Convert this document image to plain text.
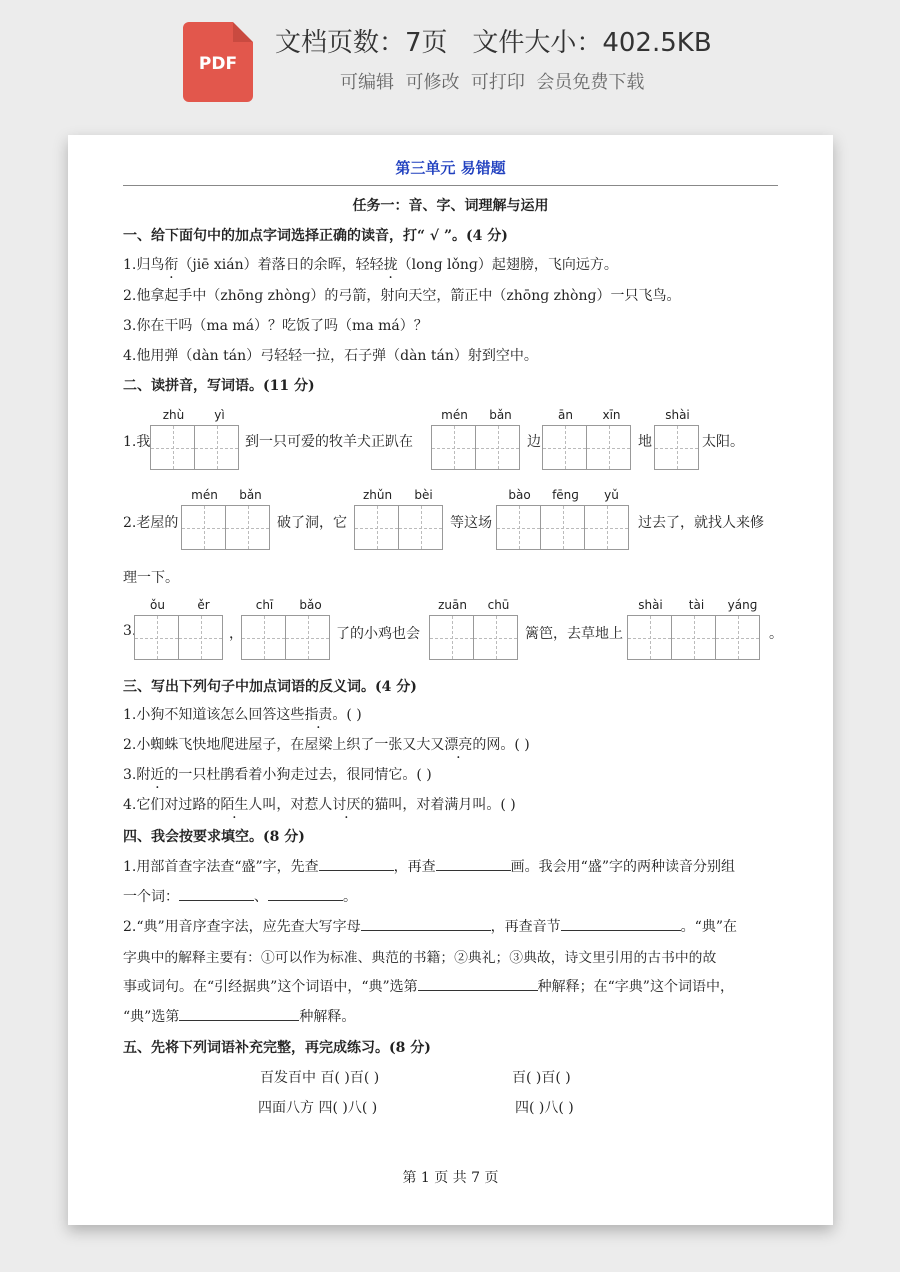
PDF
文档页数：7页   文件大小：402.5KB
可编辑  可修改  可打印  会员免费下载
第三单元 易错题
任务一：音、字、词理解与运用
一、给下面句中的加点字词选择正确的读音，打“ √ ”。(4 分)
1.归鸟衔（jiē xián）着落日的余晖，轻轻拢（lonɡ lǒnɡ）起翅膀，飞向远方。
2.他拿起手中（zhōnɡ zhònɡ）的弓箭，射向天空，箭正中（zhōnɡ zhònɡ）一只飞鸟。
3.你在干吗（ma má）？吃饭了吗（ma má）？
4.他用弹（dàn tán）弓轻轻一拉，石子弹（dàn tán）射到空中。
二、读拼音，写词语。(11 分)
1.我
zhù	yì
到一只可爱的牧羊犬正趴在
mén	bǎn
边
ān	xīn
地
shài
太阳。
2.老屋的
mén	bǎn
破了洞，它
zhǔn	bèi
等这场
bào	fēnɡ	yǔ
过去了，就找人来修
理一下。
3.
ǒu	ěr
，
chī	bǎo
了的小鸡也会
zuān	chū
篱笆，去草地上
shài	tài	yánɡ
。
三、写出下列句子中加点词语的反义词。(4 分)
1.小狗不知道该怎么回答这些指责。( )
2.小蜘蛛飞快地爬进屋子，在屋梁上织了一张又大又漂亮的网。( )
3.附近的一只杜鹃看着小狗走过去，很同情它。( )
4.它们对过路的陌生人叫，对惹人讨厌的猫叫，对着满月叫。( )
四、我会按要求填空。(8 分)
1.用部首查字法查“盛”字，先查	，再查	画。我会用“盛”字的两种读音分别组
一个词：	、	。
2.“典”用音序查字法，应先查大写字母	，再查音节	。“典”在
字典中的解释主要有：①可以作为标准、典范的书籍；②典礼；③典故，诗文里引用的古书中的故
事或词句。在“引经据典”这个词语中，“典”选第	种解释；在“字典”这个词语中，
“典”选第	种解释。
五、先将下列词语补充完整，再完成练习。(8 分)
百发百中 百( )百( )	百( )百( )
四面八方 四( )八( )	四( )八( )
第 1 页 共 7 页
